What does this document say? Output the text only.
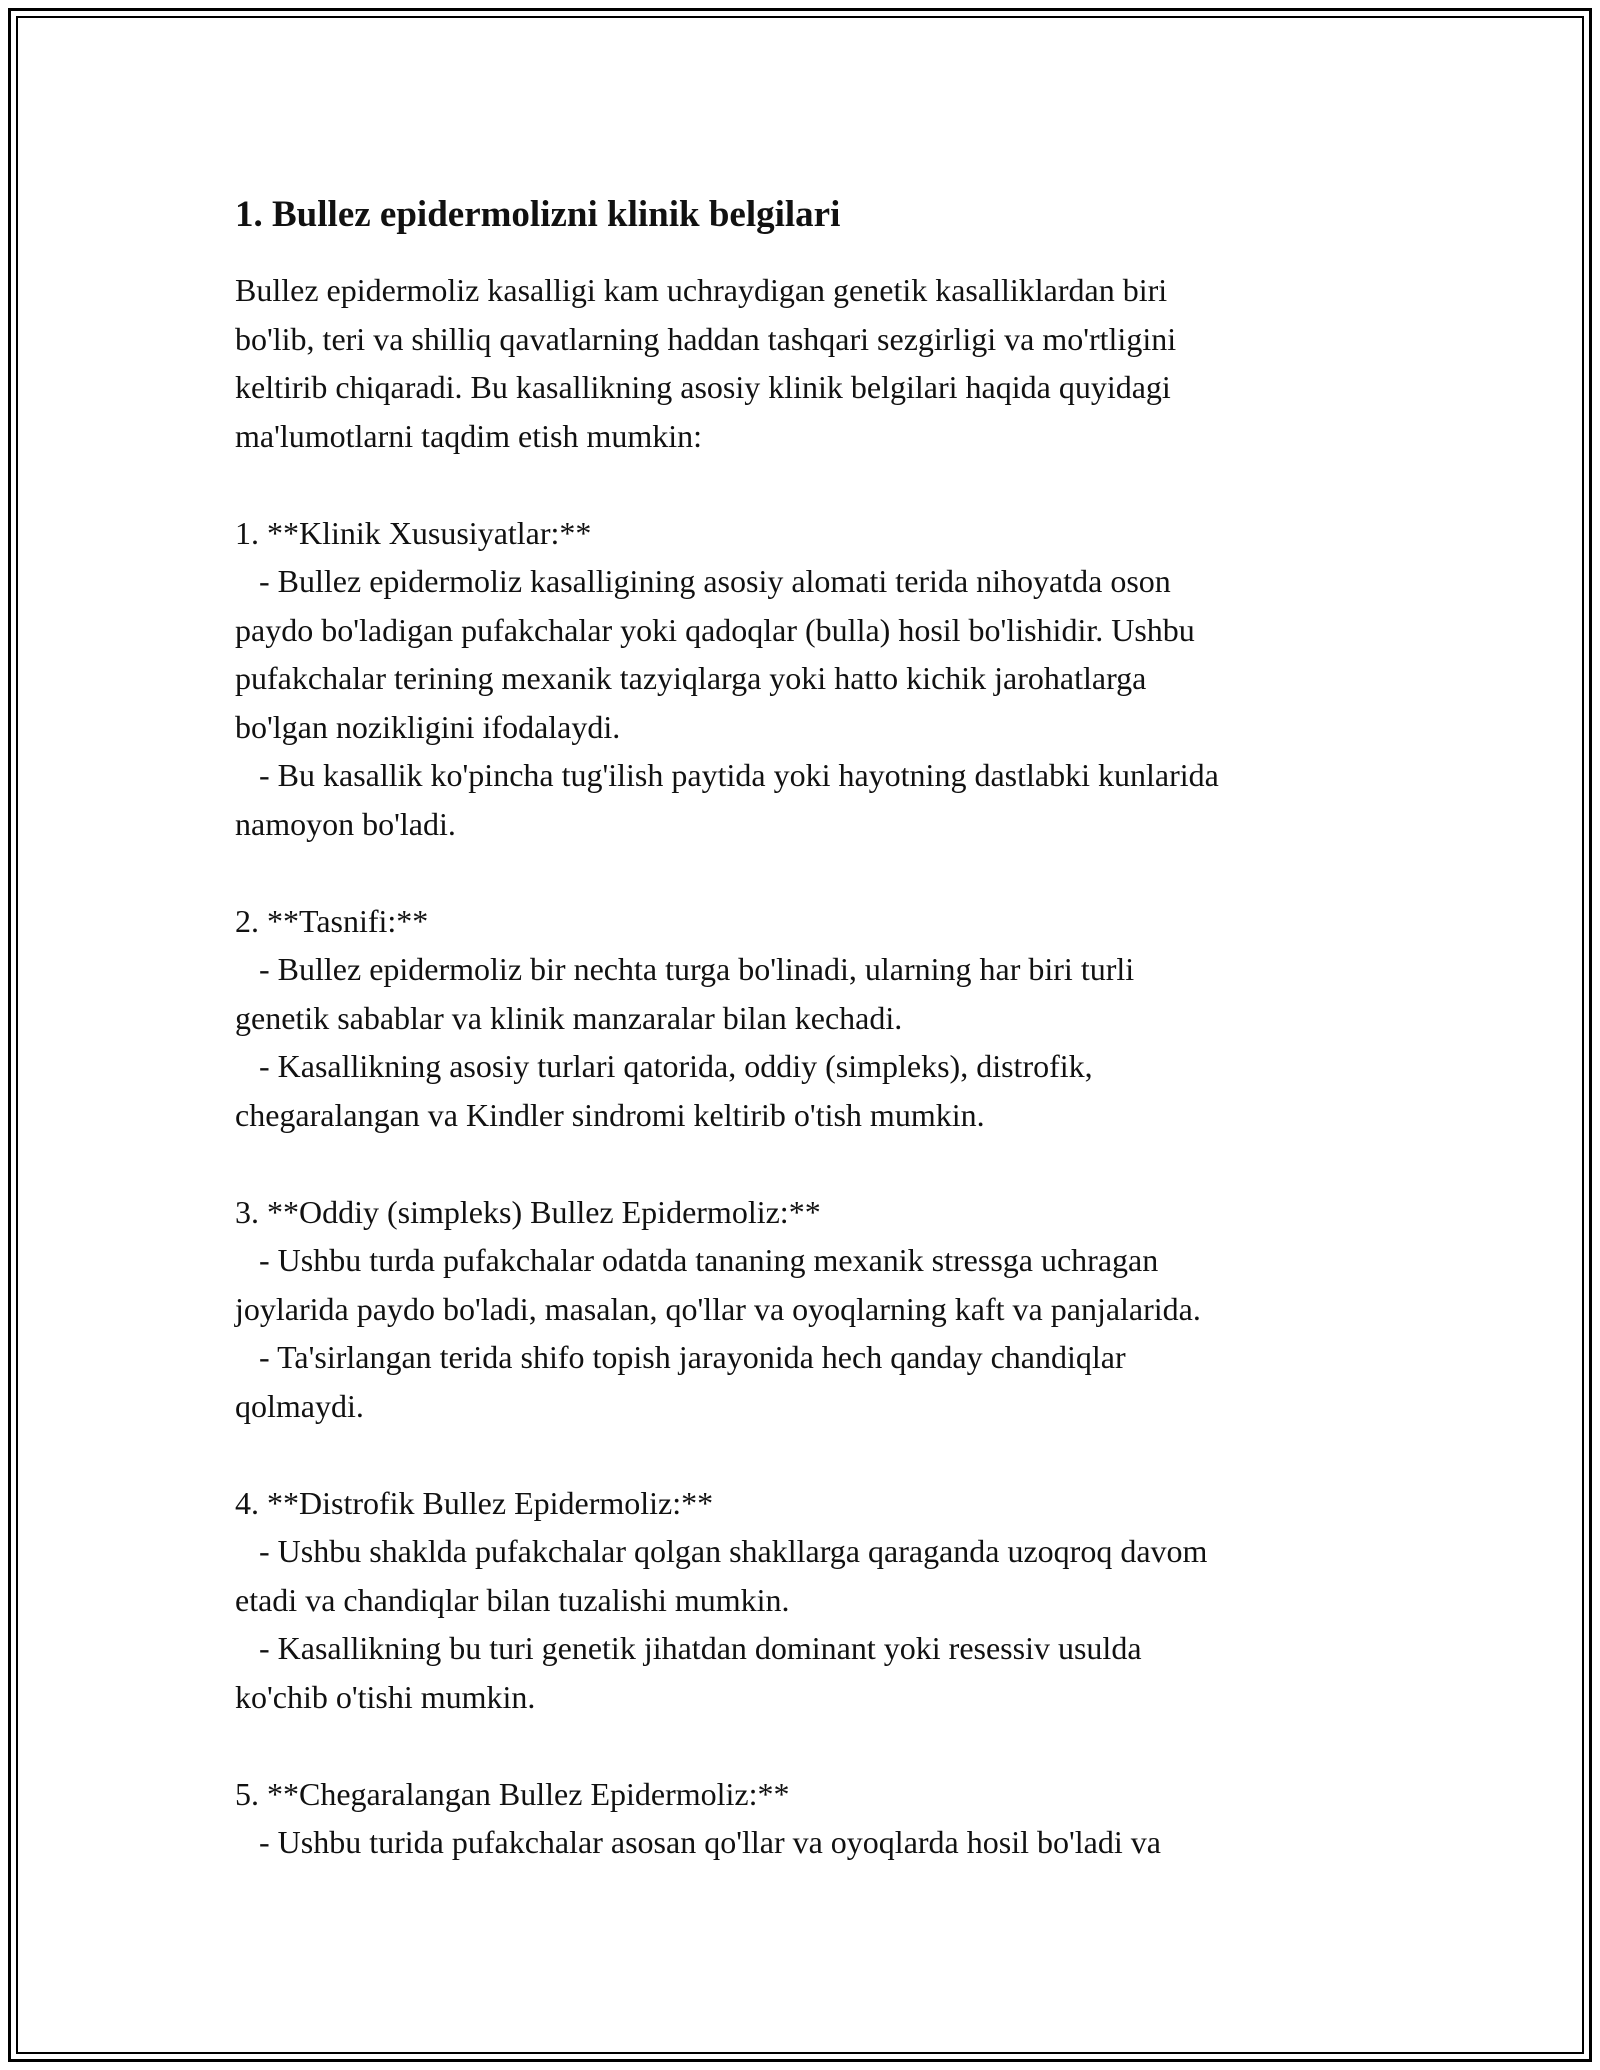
1. Bullez epidermolizni klinik belgilari

Bullez epidermoliz kasalligi kam uchraydigan genetik kasalliklardan biri

bo'lib, teri va shilliq qavatlarning haddan tashqari sezgirligi va mo'rtligini

keltirib chiqaradi. Bu kasallikning asosiy klinik belgilari haqida quyidagi

ma'lumotlarni taqdim etish mumkin:

1. **Klinik Xususiyatlar:**

- Bullez epidermoliz kasalligining asosiy alomati terida nihoyatda oson
paydo bo'ladigan pufakchalar yoki qadoqlar (bulla) hosil bo'lishidir. Ushbu
pufakchalar terining mexanik tazyiqlarga yoki hatto kichik jarohatlarga
bo'lgan nozikligini ifodalaydi.

- Bu kasallik ko'pincha tug'ilish paytida yoki hayotning dastlabki kunlarida
namoyon bo'ladi.

2. **Tasnifi:**

- Bullez epidermoliz bir nechta turga bo'linadi, ularning har biri turli
genetik sabablar va klinik manzaralar bilan kechadi.

- Kasallikning asosiy turlari qatorida, oddiy (simpleks), distrofik,
chegaralangan va Kindler sindromi keltirib o'tish mumkin.

3. **Oddiy (simpleks) Bullez Epidermoliz:**

- Ushbu turda pufakchalar odatda tananing mexanik stressga uchragan
joylarida paydo bo'ladi, masalan, qo'llar va oyoqlarning kaft va panjalarida.

- Ta'sirlangan terida shifo topish jarayonida hech qanday chandiqlar
qolmaydi.

4. **Distrofik Bullez Epidermoliz:**

- Ushbu shaklda pufakchalar qolgan shakllarga qaraganda uzoqroq davom
etadi va chandiqlar bilan tuzalishi mumkin.

- Kasallikning bu turi genetik jihatdan dominant yoki resessiv usulda
ko'chib o'tishi mumkin.

5. **Chegaralangan Bullez Epidermoliz:**

- Ushbu turida pufakchalar asosan qo'llar va oyoqlarda hosil bo'ladi va
